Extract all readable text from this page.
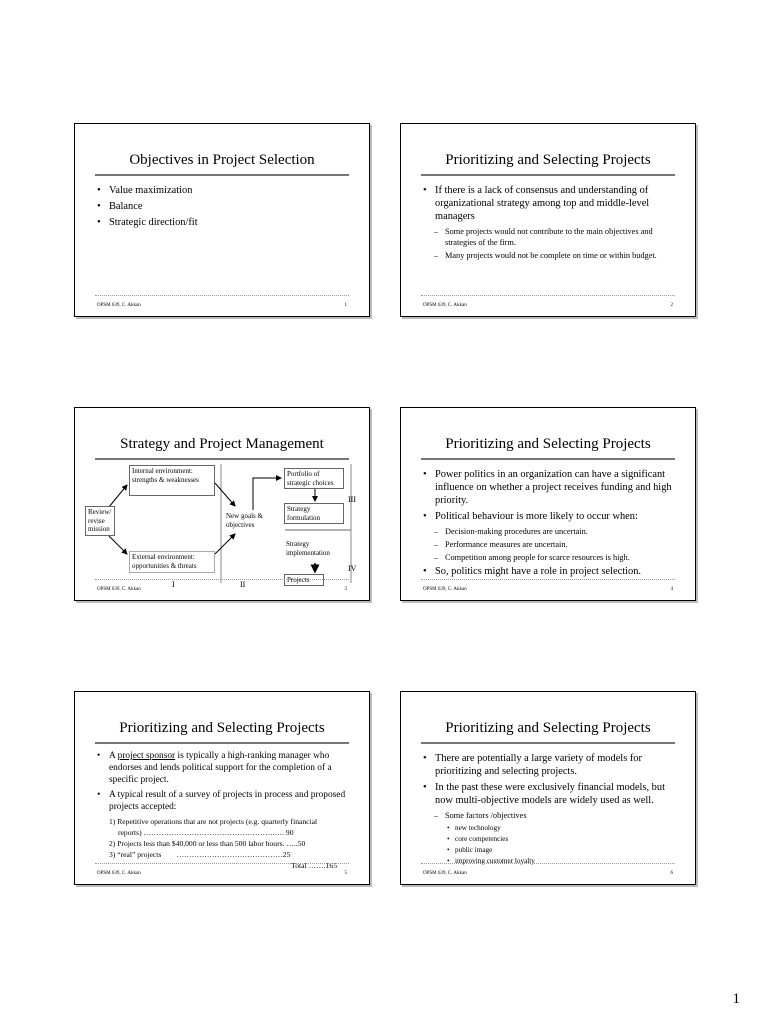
Objectives in Project Selection
• Value maximization
• Balance
• Strategic direction/fit
OPSM 639, C. Akkan	1
Prioritizing and Selecting Projects
• If there is a lack of consensus and understanding of organizational strategy among top and middle-level managers
– Some projects would not contribute to the main objectives and strategies of the firm.
– Many projects would not be complete on time or within budget.
OPSM 639, C. Akkan	2
Strategy and Project Management
Internal environment: strengths & weaknesses
Review/ revise mission
External environment: opportunities & threats
New goals & objectives
Portfolio of strategic choices
Strategy formulation
Strategy implementation
Projects
I	II
III
IV
OPSM 639, C. Akkan	3
Prioritizing and Selecting Projects
• Power politics in an organization can have a significant influence on whether a project receives funding and high priority.
• Political behaviour is more likely to occur when:
– Decision-making procedures are uncertain.
– Performance measures are uncertain.
– Competition among people for scarce resources is high.
• So, politics might have a role in project selection.
OPSM 639, C. Akkan	4
Prioritizing and Selecting Projects
• A project sponsor is typically a high-ranking manager who endorses and lends political support for the completion of a specific project.
• A typical result of a survey of projects in process and proposed projects accepted:
1) Repetitive operations that are not projects (e.g. quarterly financial
reports) …………………………………………….…. 90
2) Projects less than $40,000 or less than 500 labor hours. …..50
3) “real” projects        ……………………………………25
Total …….165
OPSM 639, C. Akkan	5
Prioritizing and Selecting Projects
• There are potentially a large variety of models for prioritizing and selecting projects.
• In the past these were exclusively financial models, but now multi-objective models are widely used as well.
– Some factors /objectives
• new technology
• core competencies
• public image
• improving customer loyalty
OPSM 639, C. Akkan	6
1
